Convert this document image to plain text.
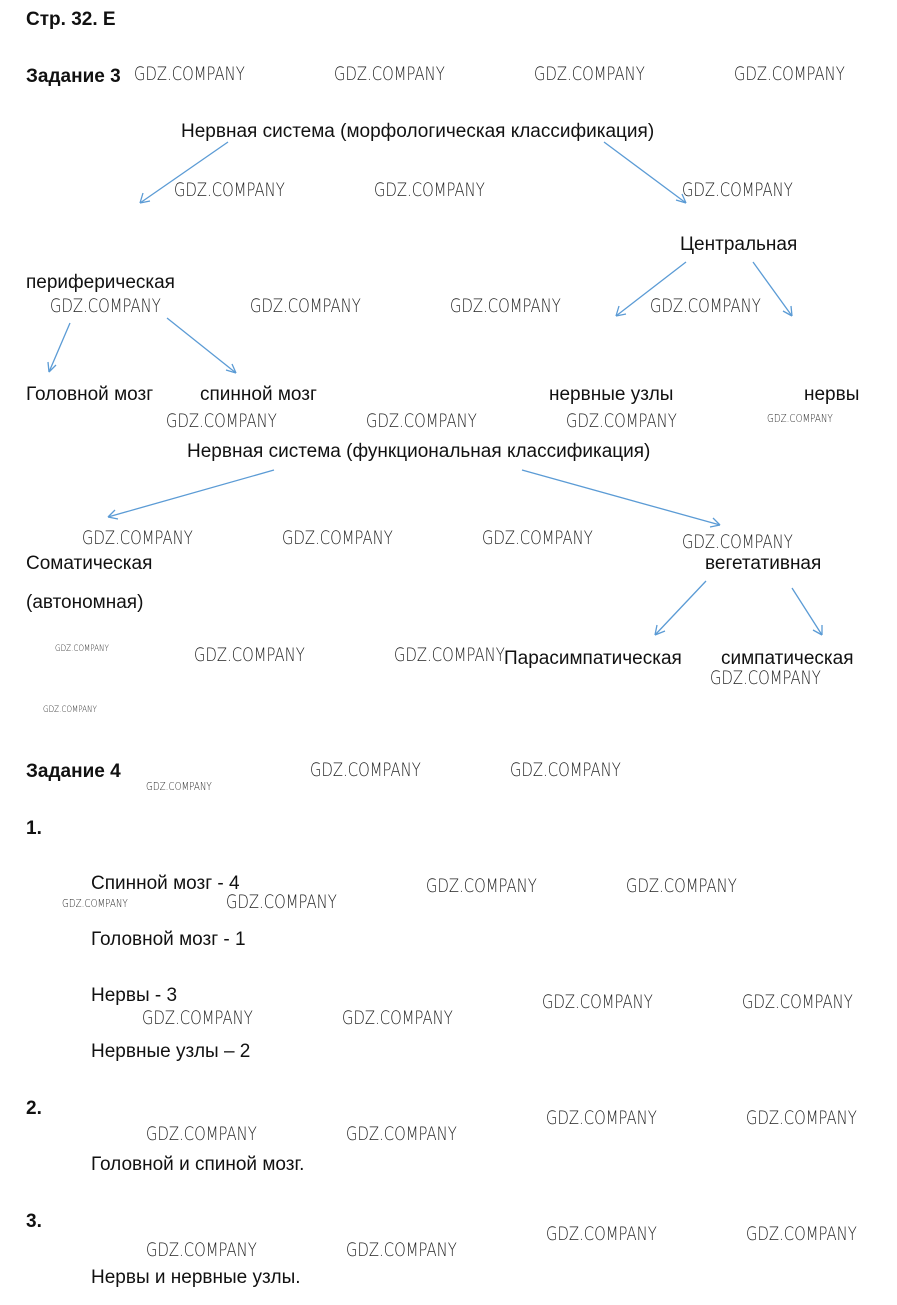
Стр. 32. Е
Задание 3
Нервная система (морфологическая классификация)
Центральная
периферическая
Головной мозг спинной мозг	нервные узлы	нервы
Нервная система (функциональная классификация)
Соматическая
(автономная)
вегетативная
Парасимпатическая симпатическая
Задание 4
1.
Спинной мозг - 4
Головной мозг - 1
Нервы - 3
Нервные узлы – 2
2.
Головной и спиной мозг.
3.
Нервы и нервные узлы.
GDZ.COMPANY	GDZ.COMPANY	GDZ.COMPANY	GDZ.COMPANY
GDZ.COMPANY	GDZ.COMPANY	GDZ.COMPANY
GDZ.COMPANY	GDZ.COMPANY	GDZ.COMPANY	GDZ.COMPANY
GDZ.COMPANY	GDZ.COMPANY	GDZ.COMPANY	GDZ.COMPANY
GDZ.COMPANY	GDZ.COMPANY	GDZ.COMPANY	GDZ.COMPANY
GDZ.COMPANY	GDZ.COMPANY	GDZ.COMPANY
GDZ.COMPANY
GDZ.COMPANY
GDZ.COMPANY
GDZ.COMPANY	GDZ.COMPANY
GDZ.COMPANY	GDZ.COMPANY
GDZ.COMPANY	GDZ.COMPANY
GDZ.COMPANY	GDZ.COMPANY
GDZ.COMPANY	GDZ.COMPANY
GDZ.COMPANY	GDZ.COMPANY
GDZ.COMPANY	GDZ.COMPANY
GDZ.COMPANY	GDZ.COMPANY
GDZ.COMPANY	GDZ.COMPANY
